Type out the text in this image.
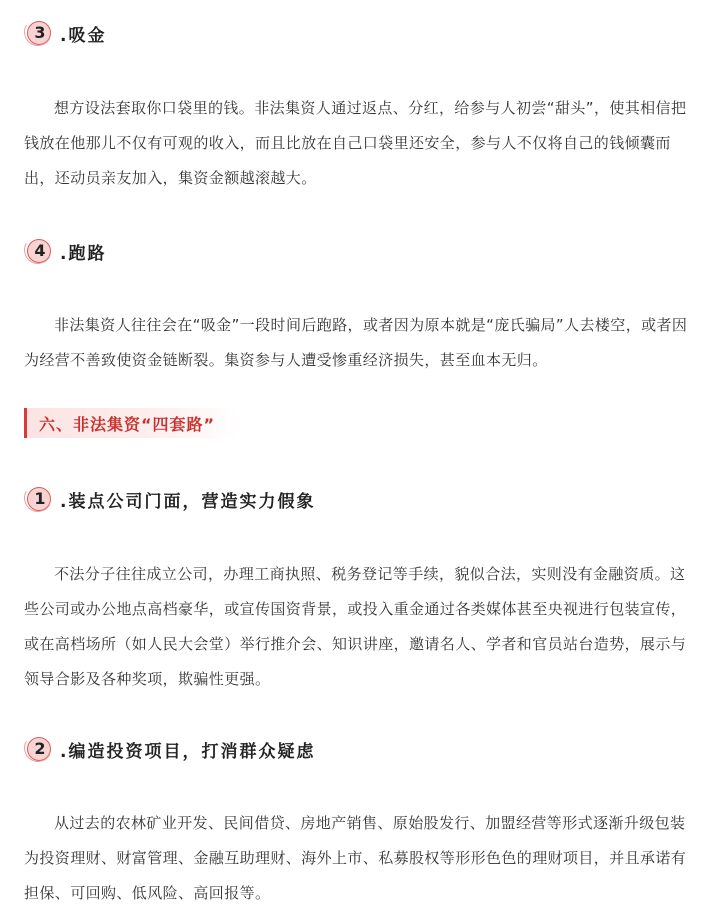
3 .吸金

想方设法套取你口袋里的钱。非法集资人通过返点、分红，给参与人初尝“甜头”，使其相信把钱放在他那儿不仅有可观的收入，而且比放在自己口袋里还安全，参与人不仅将自己的钱倾囊而出，还动员亲友加入，集资金额越滚越大。

4 .跑路

非法集资人往往会在“吸金”一段时间后跑路，或者因为原本就是“庞氏骗局”人去楼空，或者因为经营不善致使资金链断裂。集资参与人遭受惨重经济损失，甚至血本无归。

六、非法集资“四套路”
1 .装点公司门面，营造实力假象

不法分子往往成立公司，办理工商执照、税务登记等手续，貌似合法，实则没有金融资质。这些公司或办公地点高档豪华，或宣传国资背景，或投入重金通过各类媒体甚至央视进行包装宣传，或在高档场所（如人民大会堂）举行推介会、知识讲座，邀请名人、学者和官员站台造势，展示与领导合影及各种奖项，欺骗性更强。

2 .编造投资项目，打消群众疑虑

从过去的农林矿业开发、民间借贷、房地产销售、原始股发行、加盟经营等形式逐渐升级包装为投资理财、财富管理、金融互助理财、海外上市、私募股权等形形色色的理财项目，并且承诺有担保、可回购、低风险、高回报等。
